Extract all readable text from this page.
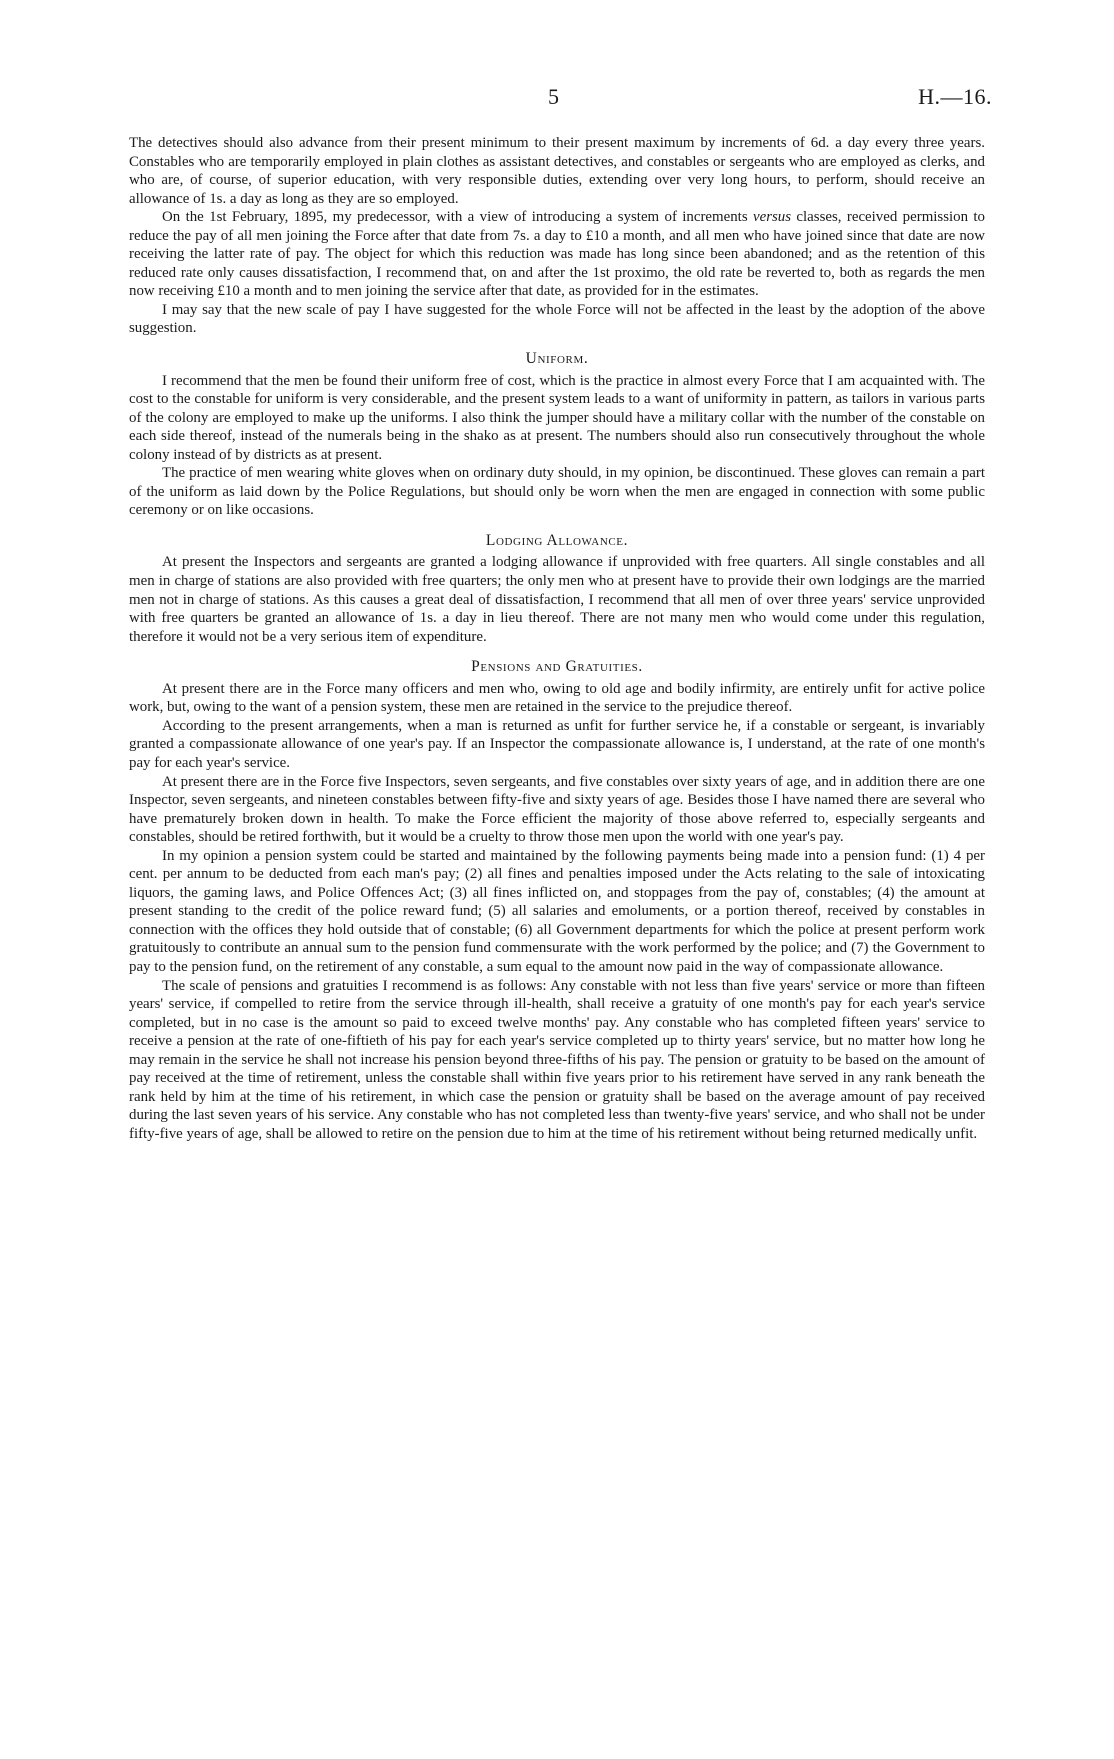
5	H.—16.

The detectives should also advance from their present minimum to their present maximum by increments of 6d. a day every three years. Constables who are temporarily employed in plain clothes as assistant detectives, and constables or sergeants who are employed as clerks, and who are, of course, of superior education, with very responsible duties, extending over very long hours, to perform, should receive an allowance of 1s. a day as long as they are so employed.

On the 1st February, 1895, my predecessor, with a view of introducing a system of increments versus classes, received permission to reduce the pay of all men joining the Force after that date from 7s. a day to £10 a month, and all men who have joined since that date are now receiving the latter rate of pay. The object for which this reduction was made has long since been abandoned; and as the retention of this reduced rate only causes dissatisfaction, I recommend that, on and after the 1st proximo, the old rate be reverted to, both as regards the men now receiving £10 a month and to men joining the service after that date, as provided for in the estimates.

I may say that the new scale of pay I have suggested for the whole Force will not be affected in the least by the adoption of the above suggestion.

Uniform.

I recommend that the men be found their uniform free of cost, which is the practice in almost every Force that I am acquainted with. The cost to the constable for uniform is very considerable, and the present system leads to a want of uniformity in pattern, as tailors in various parts of the colony are employed to make up the uniforms. I also think the jumper should have a military collar with the number of the constable on each side thereof, instead of the numerals being in the shako as at present. The numbers should also run consecutively throughout the whole colony instead of by districts as at present.

The practice of men wearing white gloves when on ordinary duty should, in my opinion, be discontinued. These gloves can remain a part of the uniform as laid down by the Police Regulations, but should only be worn when the men are engaged in connection with some public ceremony or on like occasions.

Lodging Allowance.

At present the Inspectors and sergeants are granted a lodging allowance if unprovided with free quarters. All single constables and all men in charge of stations are also provided with free quarters; the only men who at present have to provide their own lodgings are the married men not in charge of stations. As this causes a great deal of dissatisfaction, I recommend that all men of over three years' service unprovided with free quarters be granted an allowance of 1s. a day in lieu thereof. There are not many men who would come under this regulation, therefore it would not be a very serious item of expenditure.

Pensions and Gratuities.

At present there are in the Force many officers and men who, owing to old age and bodily infirmity, are entirely unfit for active police work, but, owing to the want of a pension system, these men are retained in the service to the prejudice thereof.

According to the present arrangements, when a man is returned as unfit for further service he, if a constable or sergeant, is invariably granted a compassionate allowance of one year's pay. If an Inspector the compassionate allowance is, I understand, at the rate of one month's pay for each year's service.

At present there are in the Force five Inspectors, seven sergeants, and five constables over sixty years of age, and in addition there are one Inspector, seven sergeants, and nineteen constables between fifty-five and sixty years of age. Besides those I have named there are several who have prematurely broken down in health. To make the Force efficient the majority of those above referred to, especially sergeants and constables, should be retired forthwith, but it would be a cruelty to throw those men upon the world with one year's pay.

In my opinion a pension system could be started and maintained by the following payments being made into a pension fund: (1) 4 per cent. per annum to be deducted from each man's pay; (2) all fines and penalties imposed under the Acts relating to the sale of intoxicating liquors, the gaming laws, and Police Offences Act; (3) all fines inflicted on, and stoppages from the pay of, constables; (4) the amount at present standing to the credit of the police reward fund; (5) all salaries and emoluments, or a portion thereof, received by constables in connection with the offices they hold outside that of constable; (6) all Government departments for which the police at present perform work gratuitously to contribute an annual sum to the pension fund commensurate with the work performed by the police; and (7) the Government to pay to the pension fund, on the retirement of any constable, a sum equal to the amount now paid in the way of compassionate allowance.

The scale of pensions and gratuities I recommend is as follows: Any constable with not less than five years' service or more than fifteen years' service, if compelled to retire from the service through ill-health, shall receive a gratuity of one month's pay for each year's service completed, but in no case is the amount so paid to exceed twelve months' pay. Any constable who has completed fifteen years' service to receive a pension at the rate of one-fiftieth of his pay for each year's service completed up to thirty years' service, but no matter how long he may remain in the service he shall not increase his pension beyond three-fifths of his pay. The pension or gratuity to be based on the amount of pay received at the time of retirement, unless the constable shall within five years prior to his retirement have served in any rank beneath the rank held by him at the time of his retirement, in which case the pension or gratuity shall be based on the average amount of pay received during the last seven years of his service. Any constable who has not completed less than twenty-five years' service, and who shall not be under fifty-five years of age, shall be allowed to retire on the pension due to him at the time of his retirement without being returned medically unfit.
